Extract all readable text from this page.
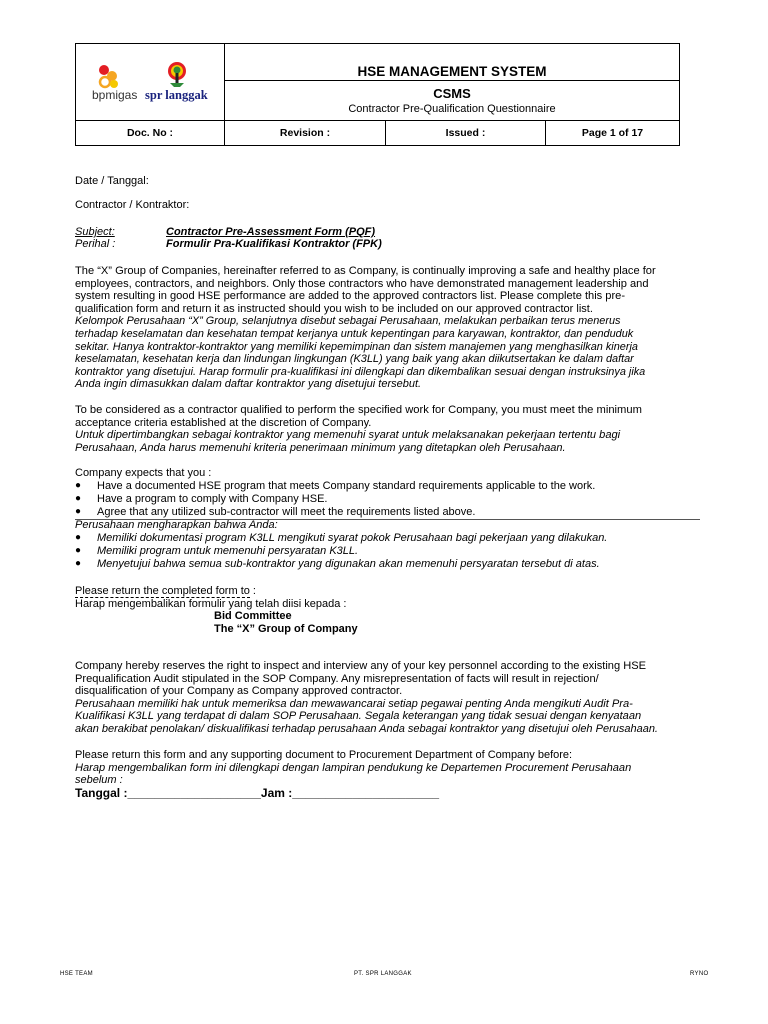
HSE MANAGEMENT SYSTEM
CSMS
Contractor Pre-Qualification Questionnaire
Doc. No :	Revision :	Issued :	Page 1 of 17
bpmigas spr langgak
Date / Tanggal:
Contractor / Kontraktor:
Subject:	Contractor Pre-Assessment Form (PQF)
Perihal :	Formulir Pra-Kualifikasi Kontraktor (FPK)
The “X” Group of Companies, hereinafter referred to as Company, is continually improving a safe and healthy place for
employees, contractors, and neighbors. Only those contractors who have demonstrated management leadership and
system resulting in good HSE performance are added to the approved contractors list. Please complete this pre-
qualification form and return it as instructed should you wish to be included on our approved contractor list.
Kelompok Perusahaan “X” Group, selanjutnya disebut sebagai Perusahaan, melakukan perbaikan terus menerus
terhadap keselamatan dan kesehatan tempat kerjanya untuk kepentingan para karyawan, kontraktor, dan penduduk
sekitar. Hanya kontraktor-kontraktor yang memiliki kepemimpinan dan sistem manajemen yang menghasilkan kinerja
keselamatan, kesehatan kerja dan lindungan lingkungan (K3LL) yang baik yang akan diikutsertakan ke dalam daftar
kontraktor yang disetujui. Harap formulir pra-kualifikasi ini dilengkapi dan dikembalikan sesuai dengan instruksinya jika
Anda ingin dimasukkan dalam daftar kontraktor yang disetujui tersebut.
To be considered as a contractor qualified to perform the specified work for Company, you must meet the minimum
acceptance criteria established at the discretion of Company.
Untuk dipertimbangkan sebagai kontraktor yang memenuhi syarat untuk melaksanakan pekerjaan tertentu bagi
Perusahaan, Anda harus memenuhi kriteria penerimaan minimum yang ditetapkan oleh Perusahaan.
Company expects that you :
●	Have a documented HSE program that meets Company standard requirements applicable to the work.
●	Have a program to comply with Company HSE.
●	Agree that any utilized sub-contractor will meet the requirements listed above.
Perusahaan mengharapkan bahwa Anda:
●	Memiliki dokumentasi program K3LL mengikuti syarat pokok Perusahaan bagi pekerjaan yang dilakukan.
●	Memiliki program untuk memenuhi persyaratan K3LL.
●	Menyetujui bahwa semua sub-kontraktor yang digunakan akan memenuhi persyaratan tersebut di atas.
Please return the completed form to :
Harap mengembalikan formulir yang telah diisi kepada :
Bid Committee
The “X” Group of Company
Company hereby reserves the right to inspect and interview any of your key personnel according to the existing HSE
Prequalification Audit stipulated in the SOP Company. Any misrepresentation of facts will result in rejection/
disqualification of your Company as Company approved contractor.
Perusahaan memiliki hak untuk memeriksa dan mewawancarai setiap pegawai penting Anda mengikuti Audit Pra-
Kualifikasi K3LL yang terdapat di dalam SOP Perusahaan. Segala keterangan yang tidak sesuai dengan kenyataan
akan berakibat penolakan/ diskualifikasi terhadap perusahaan Anda sebagai kontraktor yang disetujui oleh Perusahaan.
Please return this form and any supporting document to Procurement Department of Company before:
Harap mengembalikan form ini dilengkapi dengan lampiran pendukung ke Departemen Procurement Perusahaan
sebelum :
Tanggal :____________________Jam :______________________
HSE TEAM	PT. SPR LANGGAK	RYNO
